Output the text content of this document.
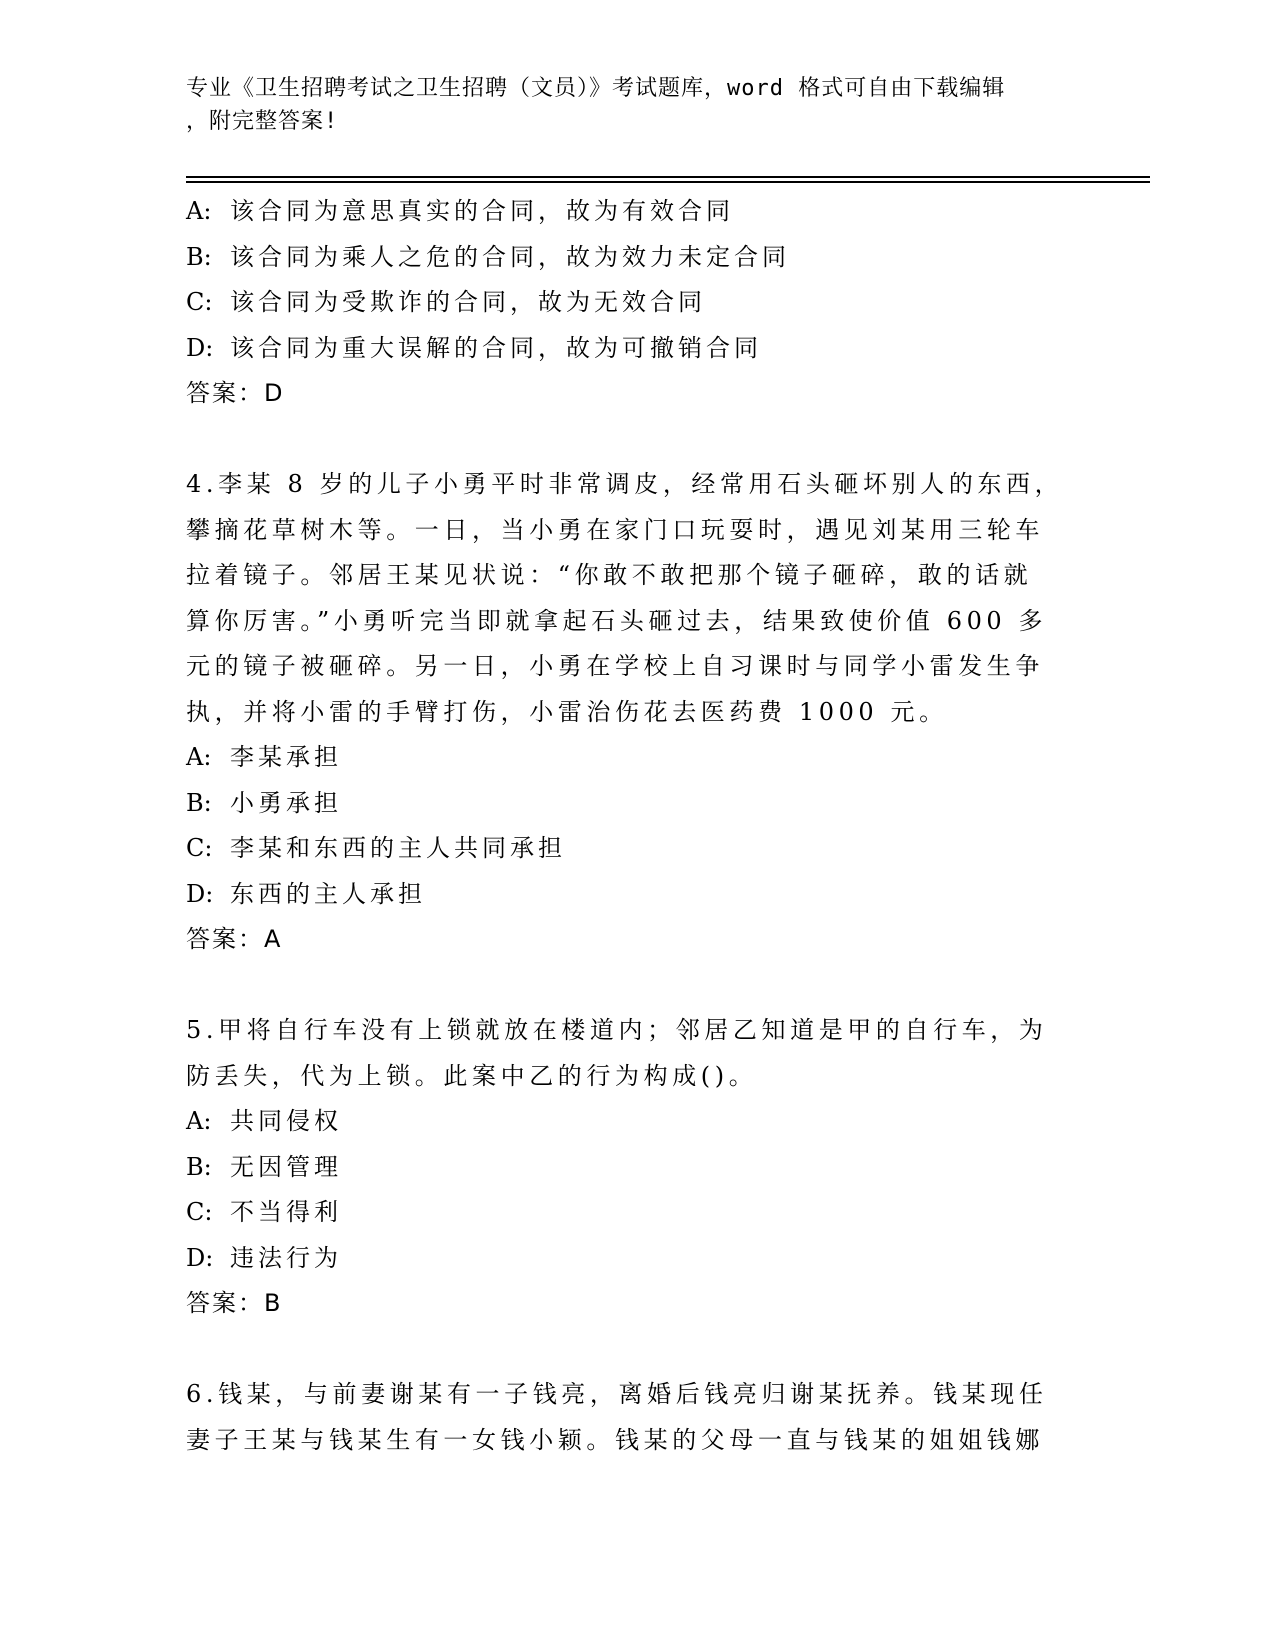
专业《卫生招聘考试之卫生招聘（文员）》考试题库，word 格式可自由下载编辑
，附完整答案!
A: 该合同为意思真实的合同，故为有效合同
B: 该合同为乘人之危的合同，故为效力未定合同
C: 该合同为受欺诈的合同，故为无效合同
D: 该合同为重大误解的合同，故为可撤销合同
答案：D
4.李某 8 岁的儿子小勇平时非常调皮，经常用石头砸坏别人的东西，
攀摘花草树木等。一日，当小勇在家门口玩耍时，遇见刘某用三轮车
拉着镜子。邻居王某见状说：“你敢不敢把那个镜子砸碎，敢的话就
算你厉害。”小勇听完当即就拿起石头砸过去，结果致使价值 600 多
元的镜子被砸碎。另一日，小勇在学校上自习课时与同学小雷发生争
执，并将小雷的手臂打伤，小雷治伤花去医药费 1000 元。
A: 李某承担
B: 小勇承担
C: 李某和东西的主人共同承担
D: 东西的主人承担
答案：A
5.甲将自行车没有上锁就放在楼道内；邻居乙知道是甲的自行车，为
防丢失，代为上锁。此案中乙的行为构成()。
A: 共同侵权
B: 无因管理
C: 不当得利
D: 违法行为
答案：B
6.钱某，与前妻谢某有一子钱亮，离婚后钱亮归谢某抚养。钱某现任
妻子王某与钱某生有一女钱小颖。钱某的父母一直与钱某的姐姐钱娜
